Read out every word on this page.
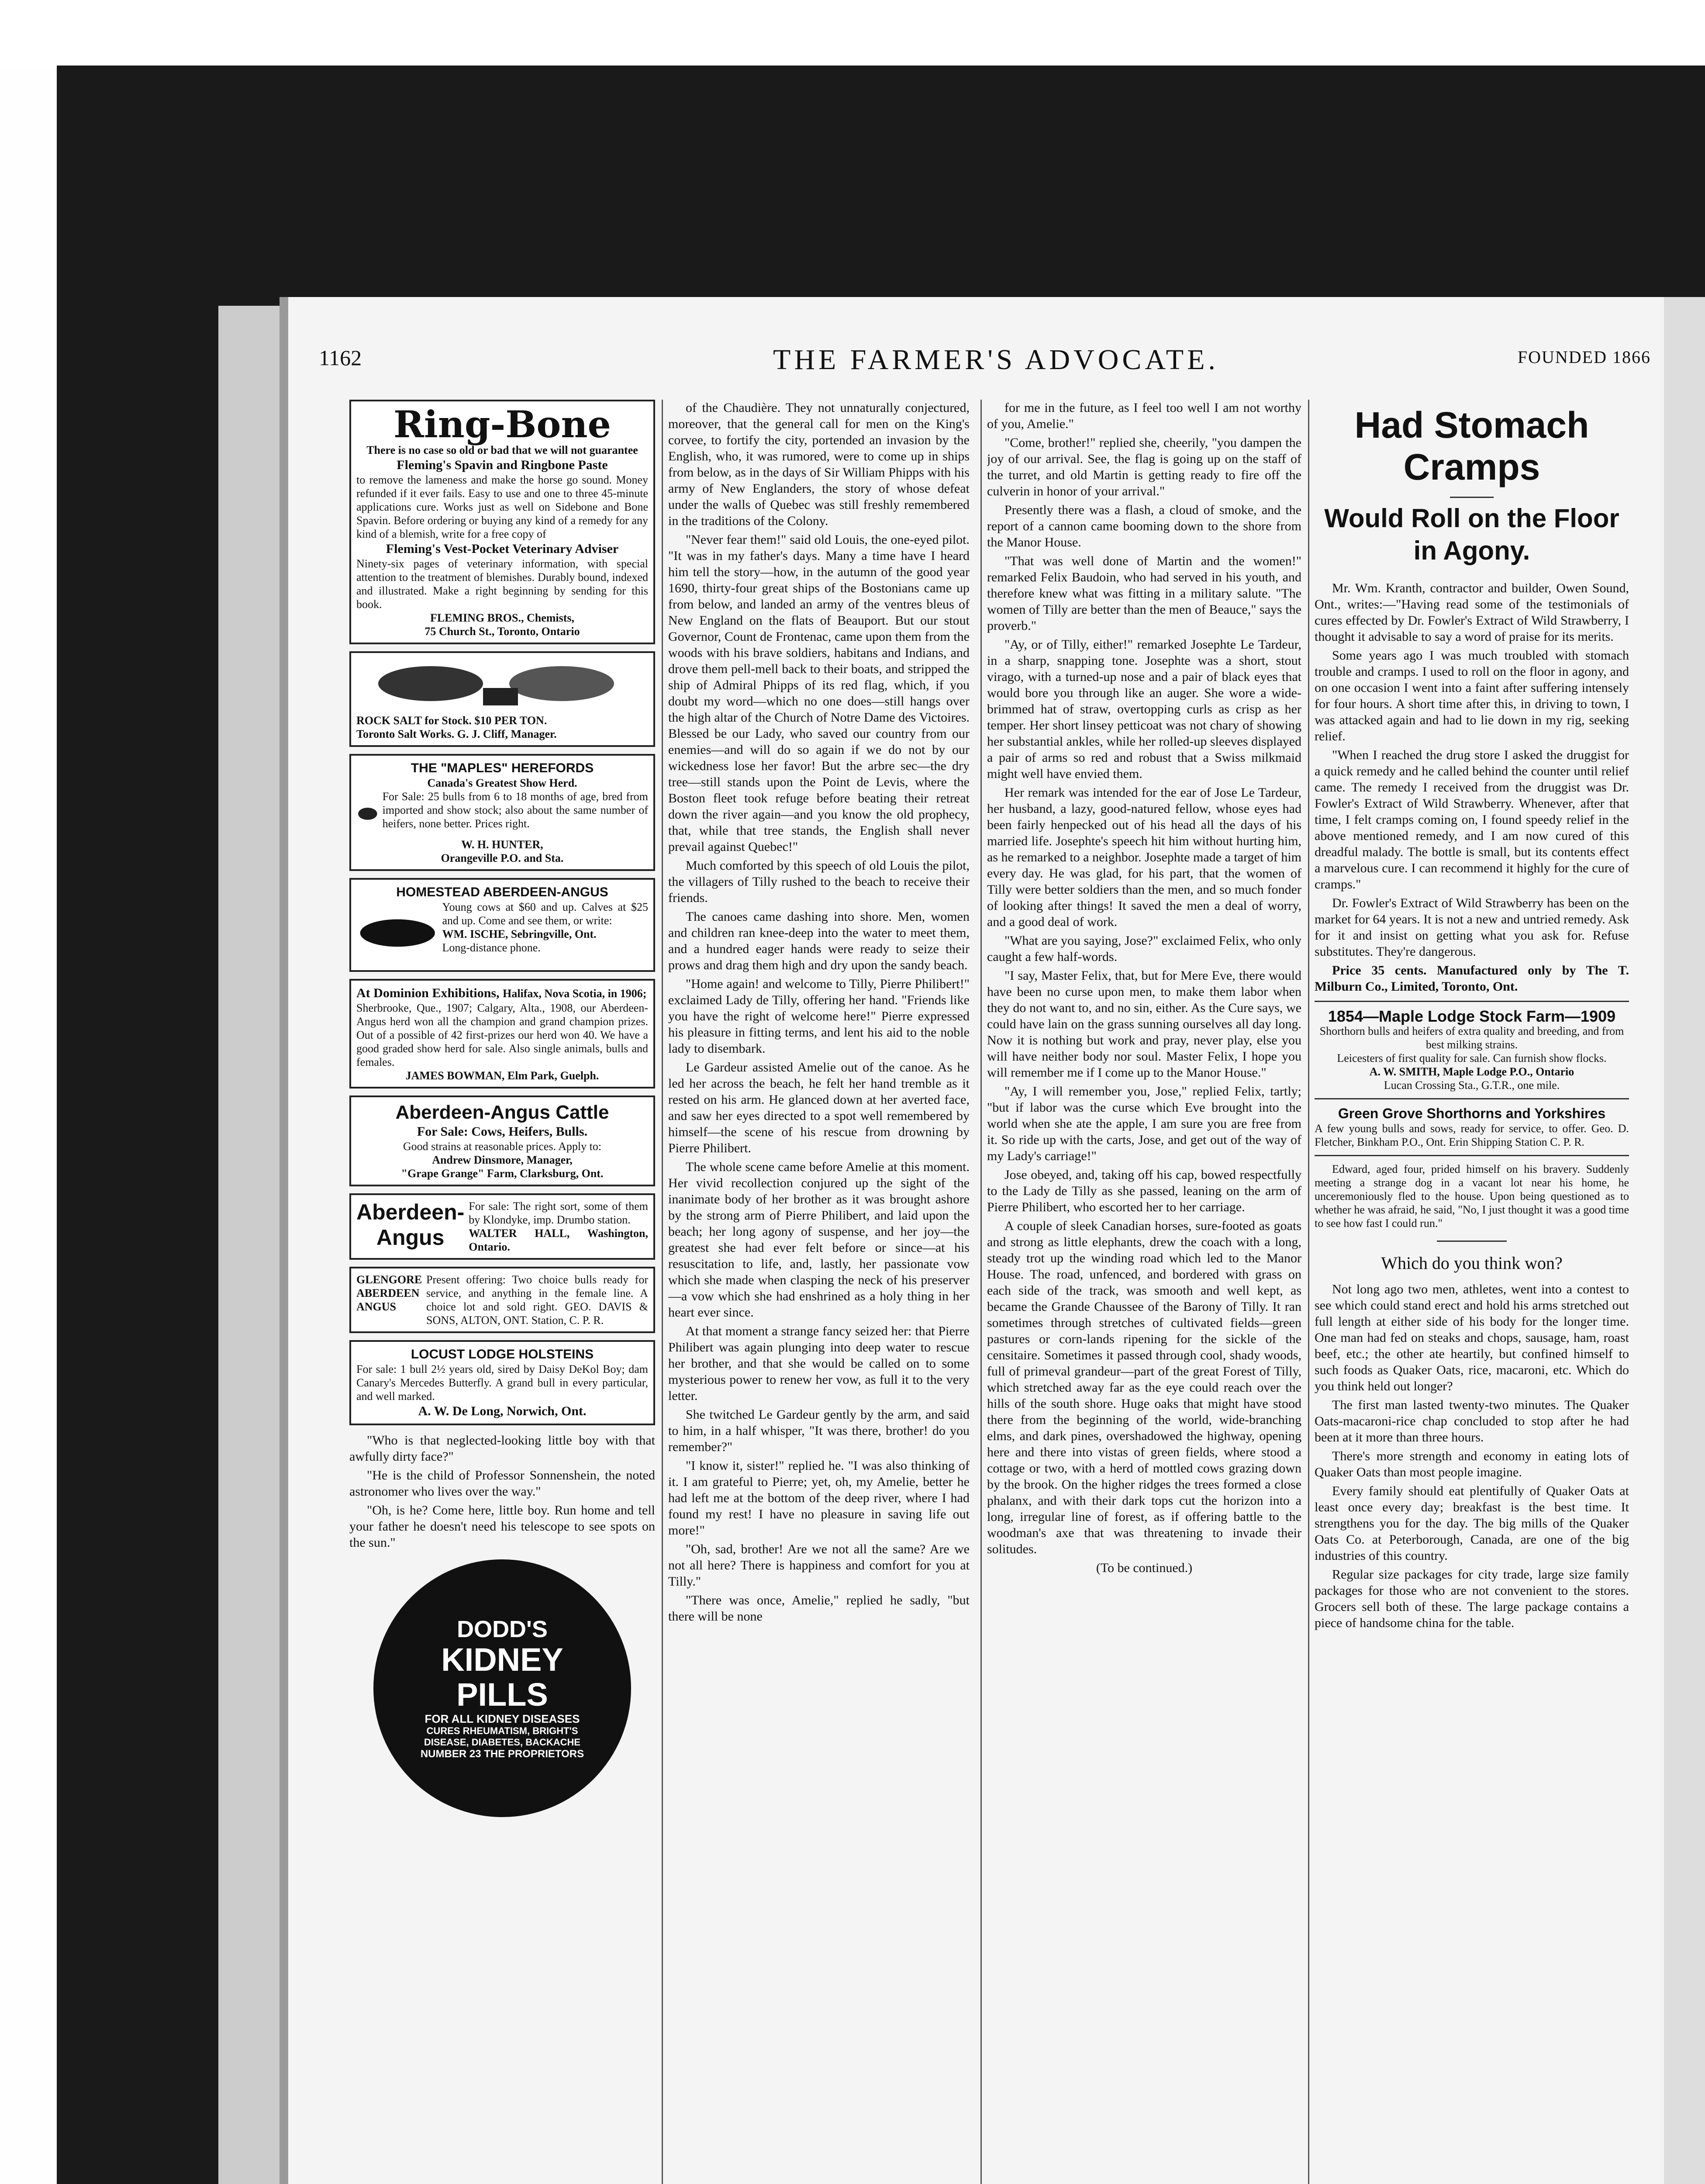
1162	THE FARMER'S ADVOCATE.	FOUNDED 1866
Ring-Bone
There is no case so old or bad that we will not guarantee
Fleming's Spavin and Ringbone Paste
to remove the lameness and make the horse go sound. Money refunded if it ever fails. Easy to use and one to three 45-minute applications cure. Works just as well on Sidebone and Bone Spavin. Before ordering or buying any kind of a remedy for any kind of a blemish, write for a free copy of
Fleming's Vest-Pocket Veterinary Adviser
Ninety-six pages of veterinary information, with special attention to the treatment of blemishes. Durably bound, indexed and illustrated. Make a right beginning by sending for this book.
FLEMING BROS., Chemists,
75 Church St., Toronto, Ontario
ROCK SALT for Stock. $10 PER TON.
Toronto Salt Works. G. J. Cliff, Manager.
THE "MAPLES" HEREFORDS
Canada's Greatest Show Herd.
For Sale: 25 bulls from 6 to 18 months of age, bred from imported and show stock; also about the same number of heifers, none better. Prices right.
W. H. HUNTER,
Orangeville P.O. and Sta.
HOMESTEAD ABERDEEN-ANGUS
Young cows at $60 and up. Calves at $25 and up. Come and see them, or write:
WM. ISCHE, Sebringville, Ont.
Long-distance phone.
At Dominion Exhibitions, Halifax, Nova Scotia, in 1906;
Sherbrooke, Que., 1907; Calgary, Alta., 1908, our Aberdeen-Angus herd won all the champion and grand champion prizes. Out of a possible of 42 first-prizes our herd won 40. We have a good graded show herd for sale. Also single animals, bulls and females.
JAMES BOWMAN, Elm Park, Guelph.
Aberdeen-Angus Cattle
For Sale: Cows, Heifers, Bulls.
Good strains at reasonable prices. Apply to:
Andrew Dinsmore, Manager,
"Grape Grange" Farm, Clarksburg, Ont.
Aberdeen-Angus
For sale: The right sort, some of them by Klondyke, imp. Drumbo station.
WALTER HALL, Washington, Ontario.
GLENGORE ABERDEEN ANGUS
Present offering: Two choice bulls ready for service, and anything in the female line. A choice lot and sold right. GEO. DAVIS & SONS, ALTON, ONT. Station, C. P. R.
LOCUST LODGE HOLSTEINS
For sale: 1 bull 2½ years old, sired by Daisy DeKol Boy; dam Canary's Mercedes Butterfly. A grand bull in every particular, and well marked.
A. W. De Long, Norwich, Ont.

"Who is that neglected-looking little boy with that awfully dirty face?"

"He is the child of Professor Sonnenshein, the noted astronomer who lives over the way."

"Oh, is he? Come here, little boy. Run home and tell your father he doesn't need his telescope to see spots on the sun."

DODD'S
KIDNEY
PILLS
FOR ALL KIDNEY DISEASES
CURES RHEUMATISM, BRIGHT'S DISEASE, DIABETES, BACKACHE
NUMBER 23 THE PROPRIETORS

of the Chaudière. They not unnaturally conjectured, moreover, that the general call for men on the King's corvee, to fortify the city, portended an invasion by the English, who, it was rumored, were to come up in ships from below, as in the days of Sir William Phipps with his army of New Englanders, the story of whose defeat under the walls of Quebec was still freshly remembered in the traditions of the Colony.

"Never fear them!" said old Louis, the one-eyed pilot. "It was in my father's days. Many a time have I heard him tell the story—how, in the autumn of the good year 1690, thirty-four great ships of the Bostonians came up from below, and landed an army of the ventres bleus of New England on the flats of Beauport. But our stout Governor, Count de Frontenac, came upon them from the woods with his brave soldiers, habitans and Indians, and drove them pell-mell back to their boats, and stripped the ship of Admiral Phipps of its red flag, which, if you doubt my word—which no one does—still hangs over the high altar of the Church of Notre Dame des Victoires. Blessed be our Lady, who saved our country from our enemies—and will do so again if we do not by our wickedness lose her favor! But the arbre sec—the dry tree—still stands upon the Point de Levis, where the Boston fleet took refuge before beating their retreat down the river again—and you know the old prophecy, that, while that tree stands, the English shall never prevail against Quebec!"

Much comforted by this speech of old Louis the pilot, the villagers of Tilly rushed to the beach to receive their friends.

The canoes came dashing into shore. Men, women and children ran knee-deep into the water to meet them, and a hundred eager hands were ready to seize their prows and drag them high and dry upon the sandy beach.

"Home again! and welcome to Tilly, Pierre Philibert!" exclaimed Lady de Tilly, offering her hand. "Friends like you have the right of welcome here!" Pierre expressed his pleasure in fitting terms, and lent his aid to the noble lady to disembark.

Le Gardeur assisted Amelie out of the canoe. As he led her across the beach, he felt her hand tremble as it rested on his arm. He glanced down at her averted face, and saw her eyes directed to a spot well remembered by himself—the scene of his rescue from drowning by Pierre Philibert.

The whole scene came before Amelie at this moment. Her vivid recollection conjured up the sight of the inanimate body of her brother as it was brought ashore by the strong arm of Pierre Philibert, and laid upon the beach; her long agony of suspense, and her joy—the greatest she had ever felt before or since—at his resuscitation to life, and, lastly, her passionate vow which she made when clasping the neck of his preserver—a vow which she had enshrined as a holy thing in her heart ever since.

At that moment a strange fancy seized her: that Pierre Philibert was again plunging into deep water to rescue her brother, and that she would be called on to some mysterious power to renew her vow, as full it to the very letter.

She twitched Le Gardeur gently by the arm, and said to him, in a half whisper, "It was there, brother! do you remember?"

"I know it, sister!" replied he. "I was also thinking of it. I am grateful to Pierre; yet, oh, my Amelie, better he had left me at the bottom of the deep river, where I had found my rest! I have no pleasure in saving life out more!"

"Oh, sad, brother! Are we not all the same? Are we not all here? There is happiness and comfort for you at Tilly."

"There was once, Amelie," replied he sadly, "but there will be none

for me in the future, as I feel too well I am not worthy of you, Amelie."

"Come, brother!" replied she, cheerily, "you dampen the joy of our arrival. See, the flag is going up on the staff of the turret, and old Martin is getting ready to fire off the culverin in honor of your arrival."

Presently there was a flash, a cloud of smoke, and the report of a cannon came booming down to the shore from the Manor House.

"That was well done of Martin and the women!" remarked Felix Baudoin, who had served in his youth, and therefore knew what was fitting in a military salute. "The women of Tilly are better than the men of Beauce," says the proverb."

"Ay, or of Tilly, either!" remarked Josephte Le Tardeur, in a sharp, snapping tone. Josephte was a short, stout virago, with a turned-up nose and a pair of black eyes that would bore you through like an auger. She wore a wide-brimmed hat of straw, overtopping curls as crisp as her temper. Her short linsey petticoat was not chary of showing her substantial ankles, while her rolled-up sleeves displayed a pair of arms so red and robust that a Swiss milkmaid might well have envied them.

Her remark was intended for the ear of Jose Le Tardeur, her husband, a lazy, good-natured fellow, whose eyes had been fairly henpecked out of his head all the days of his married life. Josephte's speech hit him without hurting him, as he remarked to a neighbor. Josephte made a target of him every day. He was glad, for his part, that the women of Tilly were better soldiers than the men, and so much fonder of looking after things! It saved the men a deal of worry, and a good deal of work.

"What are you saying, Jose?" exclaimed Felix, who only caught a few half-words.

"I say, Master Felix, that, but for Mere Eve, there would have been no curse upon men, to make them labor when they do not want to, and no sin, either. As the Cure says, we could have lain on the grass sunning ourselves all day long. Now it is nothing but work and pray, never play, else you will have neither body nor soul. Master Felix, I hope you will remember me if I come up to the Manor House."

"Ay, I will remember you, Jose," replied Felix, tartly; "but if labor was the curse which Eve brought into the world when she ate the apple, I am sure you are free from it. So ride up with the carts, Jose, and get out of the way of my Lady's carriage!"

Jose obeyed, and, taking off his cap, bowed respectfully to the Lady de Tilly as she passed, leaning on the arm of Pierre Philibert, who escorted her to her carriage.

A couple of sleek Canadian horses, sure-footed as goats and strong as little elephants, drew the coach with a long, steady trot up the winding road which led to the Manor House. The road, unfenced, and bordered with grass on each side of the track, was smooth and well kept, as became the Grande Chaussee of the Barony of Tilly. It ran sometimes through stretches of cultivated fields—green pastures or corn-lands ripening for the sickle of the censitaire. Sometimes it passed through cool, shady woods, full of primeval grandeur—part of the great Forest of Tilly, which stretched away far as the eye could reach over the hills of the south shore. Huge oaks that might have stood there from the beginning of the world, wide-branching elms, and dark pines, overshadowed the highway, opening here and there into vistas of green fields, where stood a cottage or two, with a herd of mottled cows grazing down by the brook. On the higher ridges the trees formed a close phalanx, and with their dark tops cut the horizon into a long, irregular line of forest, as if offering battle to the woodman's axe that was threatening to invade their solitudes.

(To be continued.)
Had Stomach Cramps
Would Roll on the Floor in Agony.

Mr. Wm. Kranth, contractor and builder, Owen Sound, Ont., writes:—"Having read some of the testimonials of cures effected by Dr. Fowler's Extract of Wild Strawberry, I thought it advisable to say a word of praise for its merits.

Some years ago I was much troubled with stomach trouble and cramps. I used to roll on the floor in agony, and on one occasion I went into a faint after suffering intensely for four hours. A short time after this, in driving to town, I was attacked again and had to lie down in my rig, seeking relief.

"When I reached the drug store I asked the druggist for a quick remedy and he called behind the counter until relief came. The remedy I received from the druggist was Dr. Fowler's Extract of Wild Strawberry. Whenever, after that time, I felt cramps coming on, I found speedy relief in the above mentioned remedy, and I am now cured of this dreadful malady. The bottle is small, but its contents effect a marvelous cure. I can recommend it highly for the cure of cramps."

Dr. Fowler's Extract of Wild Strawberry has been on the market for 64 years. It is not a new and untried remedy. Ask for it and insist on getting what you ask for. Refuse substitutes. They're dangerous.

Price 35 cents. Manufactured only by The T. Milburn Co., Limited, Toronto, Ont.

1854—Maple Lodge Stock Farm—1909
Shorthorn bulls and heifers of extra quality and breeding, and from best milking strains.
Leicesters of first quality for sale. Can furnish show flocks.
A. W. SMITH, Maple Lodge P.O., Ontario
Lucan Crossing Sta., G.T.R., one mile.
Green Grove Shorthorns and Yorkshires
A few young bulls and sows, ready for service, to offer. Geo. D. Fletcher, Binkham P.O., Ont. Erin Shipping Station C. P. R.

Edward, aged four, prided himself on his bravery. Suddenly meeting a strange dog in a vacant lot near his home, he unceremoniously fled to the house. Upon being questioned as to whether he was afraid, he said, "No, I just thought it was a good time to see how fast I could run."

Which do you think won?

Not long ago two men, athletes, went into a contest to see which could stand erect and hold his arms stretched out full length at either side of his body for the longer time. One man had fed on steaks and chops, sausage, ham, roast beef, etc.; the other ate heartily, but confined himself to such foods as Quaker Oats, rice, macaroni, etc. Which do you think held out longer?

The first man lasted twenty-two minutes. The Quaker Oats-macaroni-rice chap concluded to stop after he had been at it more than three hours.

There's more strength and economy in eating lots of Quaker Oats than most people imagine.

Every family should eat plentifully of Quaker Oats at least once every day; breakfast is the best time. It strengthens you for the day. The big mills of the Quaker Oats Co. at Peterborough, Canada, are one of the big industries of this country.

Regular size packages for city trade, large size family packages for those who are not convenient to the stores. Grocers sell both of these. The large package contains a piece of handsome china for the table.
